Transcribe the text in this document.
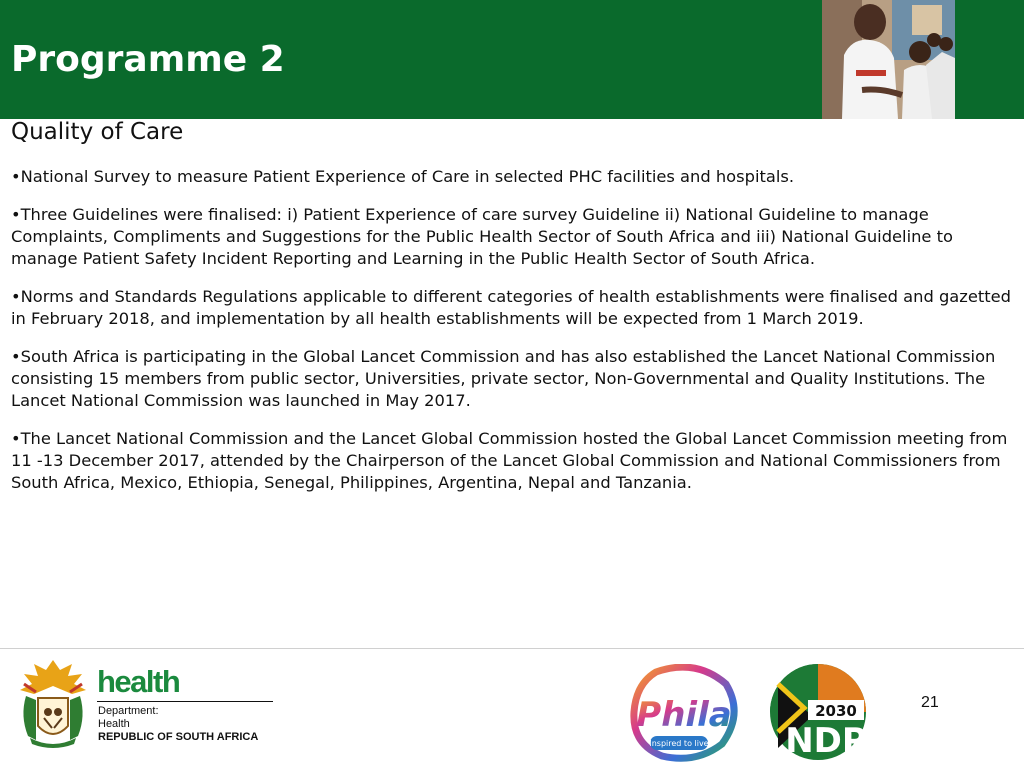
Programme 2
Quality of Care
•National Survey to measure Patient Experience of Care in selected PHC facilities and hospitals.
•Three Guidelines were finalised: i) Patient Experience of care survey Guideline ii) National Guideline to manage Complaints, Compliments and Suggestions for the Public Health Sector of South Africa and iii) National Guideline to manage Patient Safety Incident Reporting and Learning in the Public Health Sector of South Africa.
•Norms and Standards Regulations applicable to different categories of health establishments were finalised and gazetted in February 2018, and implementation by all health establishments will be expected from 1 March 2019.
•South Africa is participating in the Global Lancet Commission and has also established the Lancet National Commission consisting 15 members from public sector, Universities, private sector, Non-Governmental and Quality Institutions. The Lancet National Commission was launched in May 2017.
•The Lancet National Commission and the Lancet Global Commission hosted the Global Lancet Commission meeting from 11 -13 December 2017, attended by the Chairperson of the Lancet Global Commission and National Commissioners from South Africa, Mexico, Ethiopia, Senegal, Philippines, Argentina, Nepal and Tanzania.
health
Department:
Health
REPUBLIC OF SOUTH AFRICA
Phila
Inspired to live
2030
NDP
21
